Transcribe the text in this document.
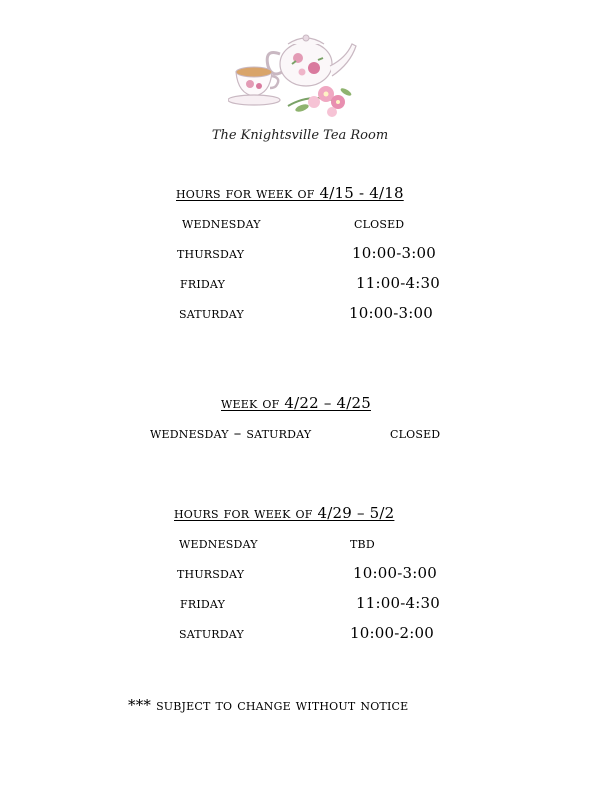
The Knightsville Tea Room
hours for week of 4/15 - 4/18
wednesday	closed
thursday	10:00-3:00
friday	11:00-4:30
saturday	10:00-3:00
week of 4/22 – 4/25
wednesday – saturday	closed
hours for week of 4/29 – 5/2
wednesday	tbd
thursday	10:00-3:00
friday	11:00-4:30
saturday	10:00-2:00
*** subject to change without notice
